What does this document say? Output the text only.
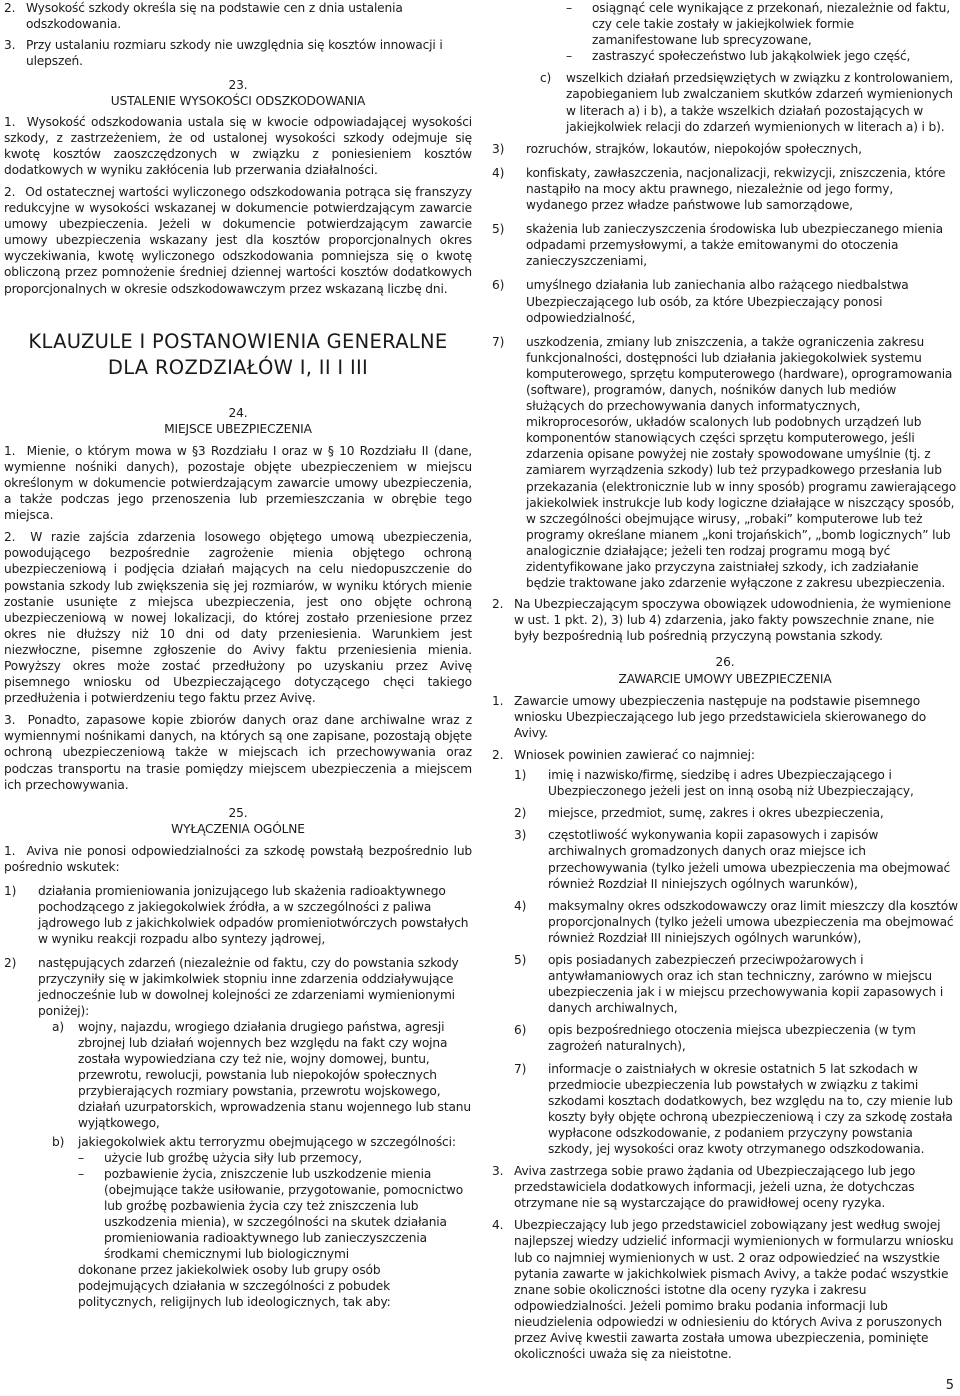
2. Wysokość szkody określa się na podstawie cen z dnia ustalenia odszkodowania.
3. Przy ustalaniu rozmiaru szkody nie uwzględnia się kosztów innowacji i ulepszeń.
23.
USTALENIE WYSOKOŚCI ODSZKODOWANIA
1. Wysokość odszkodowania ustala się w kwocie odpowiadającej wysokości szkody, z zastrzeżeniem, że od ustalonej wysokości szkody odejmuje się kwotę kosztów zaoszczędzonych w związku z poniesieniem kosztów dodatkowych w wyniku zakłócenia lub przerwania działalności.
2. Od ostatecznej wartości wyliczonego odszkodowania potrąca się franszyzy redukcyjne w wysokości wskazanej w dokumencie potwierdzającym zawarcie umowy ubezpieczenia. Jeżeli w dokumencie potwierdzającym zawarcie umowy ubezpieczenia wskazany jest dla kosztów proporcjonalnych okres wyczekiwania, kwotę wyliczonego odszkodowania pomniejsza się o kwotę obliczoną przez pomnożenie średniej dziennej wartości kosztów dodatkowych proporcjonalnych w okresie odszkodowawczym przez wskazaną liczbę dni.
KLAUZULE I POSTANOWIENIA GENERALNE
DLA ROZDZIAŁÓW I, II I III
24.
MIEJSCE UBEZPIECZENIA
1. Mienie, o którym mowa w §3 Rozdziału I oraz w § 10 Rozdziału II (dane, wymienne nośniki danych), pozostaje objęte ubezpieczeniem w miejscu określonym w dokumencie potwierdzającym zawarcie umowy ubezpieczenia, a także podczas jego przenoszenia lub przemieszczania w obrębie tego miejsca.
2. W razie zajścia zdarzenia losowego objętego umową ubezpieczenia, powodującego bezpośrednie zagrożenie mienia objętego ochroną ubezpieczeniową i podjęcia działań mających na celu niedopuszczenie do powstania szkody lub zwiększenia się jej rozmiarów, w wyniku których mienie zostanie usunięte z miejsca ubezpieczenia, jest ono objęte ochroną ubezpieczeniową w nowej lokalizacji, do której zostało przeniesione przez okres nie dłuższy niż 10 dni od daty przeniesienia. Warunkiem jest niezwłoczne, pisemne zgłoszenie do Avivy faktu przeniesienia mienia. Powyższy okres może zostać przedłużony po uzyskaniu przez Avivę pisemnego wniosku od Ubezpieczającego dotyczącego chęci takiego przedłużenia i potwierdzeniu tego faktu przez Avivę.
3. Ponadto, zapasowe kopie zbiorów danych oraz dane archiwalne wraz z wymiennymi nośnikami danych, na których są one zapisane, pozostają objęte ochroną ubezpieczeniową także w miejscach ich przechowywania oraz podczas transportu na trasie pomiędzy miejscem ubezpieczenia a miejscem ich przechowywania.
25.
WYŁĄCZENIA OGÓLNE
1. Aviva nie ponosi odpowiedzialności za szkodę powstałą bezpośrednio lub pośrednio wskutek:
1)	działania promieniowania jonizującego lub skażenia radioaktywnego pochodzącego z jakiegokolwiek źródła, a w szczególności z paliwa jądrowego lub z jakichkolwiek odpadów promieniotwórczych powstałych w wyniku reakcji rozpadu albo syntezy jądrowej,
2)	następujących zdarzeń (niezależnie od faktu, czy do powstania szkody przyczyniły się w jakimkolwiek stopniu inne zdarzenia oddziaływujące jednocześnie lub w dowolnej kolejności ze zdarzeniami wymienionymi poniżej):
a)	wojny, najazdu, wrogiego działania drugiego państwa, agresji zbrojnej lub działań wojennych bez względu na fakt czy wojna została wypowiedziana czy też nie, wojny domowej, buntu, przewrotu, rewolucji, powstania lub niepokojów społecznych przybierających rozmiary powstania, przewrotu wojskowego, działań uzurpatorskich, wprowadzenia stanu wojennego lub stanu wyjątkowego,
b)	jakiegokolwiek aktu terroryzmu obejmującego w szczególności:
–	użycie lub groźbę użycia siły lub przemocy,
–	pozbawienie życia, zniszczenie lub uszkodzenie mienia (obejmujące także usiłowanie, przygotowanie, pomocnictwo lub groźbę pozbawienia życia czy też zniszczenia lub uszkodzenia mienia), w szczególności na skutek działania promieniowania radioaktywnego lub zanieczyszczenia środkami chemicznymi lub biologicznymi
dokonane przez jakiekolwiek osoby lub grupy osób podejmujących działania w szczególności z pobudek politycznych, religijnych lub ideologicznych, tak aby:
–	osiągnąć cele wynikające z przekonań, niezależnie od faktu, czy cele takie zostały w jakiejkolwiek formie zamanifestowane lub sprecyzowane,
–	zastraszyć społeczeństwo lub jakąkolwiek jego część,
c)	wszelkich działań przedsięwziętych w związku z kontrolowaniem, zapobieganiem lub zwalczaniem skutków zdarzeń wymienionych w literach a) i b), a także wszelkich działań pozostających w jakiejkolwiek relacji do zdarzeń wymienionych w literach a) i b).
3)	rozruchów, strajków, lokautów, niepokojów społecznych,
4)	konfiskaty, zawłaszczenia, nacjonalizacji, rekwizycji, zniszczenia, które nastąpiło na mocy aktu prawnego, niezależnie od jego formy, wydanego przez władze państwowe lub samorządowe,
5)	skażenia lub zanieczyszczenia środowiska lub ubezpieczanego mienia odpadami przemysłowymi, a także emitowanymi do otoczenia zanieczyszczeniami,
6)	umyślnego działania lub zaniechania albo rażącego niedbalstwa Ubezpieczającego lub osób, za które Ubezpieczający ponosi odpowiedzialność,
7)	uszkodzenia, zmiany lub zniszczenia, a także ograniczenia zakresu funkcjonalności, dostępności lub działania jakiegokolwiek systemu komputerowego, sprzętu komputerowego (hardware), oprogramowania (software), programów, danych, nośników danych lub mediów służących do przechowywania danych informatycznych, mikroprocesorów, układów scalonych lub podobnych urządzeń lub komponentów stanowiących części sprzętu komputerowego, jeśli zdarzenia opisane powyżej nie zostały spowodowane umyślnie (tj. z zamiarem wyrządzenia szkody) lub też przypadkowego przesłania lub przekazania (elektronicznie lub w inny sposób) programu zawierającego jakiekolwiek instrukcje lub kody logiczne działające w niszczący sposób, w szczególności obejmujące wirusy, „robaki” komputerowe lub też programy określane mianem „koni trojańskich”, „bomb logicznych” lub analogicznie działające; jeżeli ten rodzaj programu mogą być zidentyfikowane jako przyczyna zaistniałej szkody, ich zadziałanie będzie traktowane jako zdarzenie wyłączone z zakresu ubezpieczenia.
2. Na Ubezpieczającym spoczywa obowiązek udowodnienia, że wymienione w ust. 1 pkt. 2), 3) lub 4) zdarzenia, jako fakty powszechnie znane, nie były bezpośrednią lub pośrednią przyczyną powstania szkody.
26.
ZAWARCIE UMOWY UBEZPIECZENIA
1. Zawarcie umowy ubezpieczenia następuje na podstawie pisemnego wniosku Ubezpieczającego lub jego przedstawiciela skierowanego do Avivy.
2. Wniosek powinien zawierać co najmniej:
1)	imię i nazwisko/firmę, siedzibę i adres Ubezpieczającego i Ubezpieczonego jeżeli jest on inną osobą niż Ubezpieczający,
2)	miejsce, przedmiot, sumę, zakres i okres ubezpieczenia,
3)	częstotliwość wykonywania kopii zapasowych i zapisów archiwalnych gromadzonych danych oraz miejsce ich przechowywania (tylko jeżeli umowa ubezpieczenia ma obejmować również Rozdział II niniejszych ogólnych warunków),
4)	maksymalny okres odszkodowawczy oraz limit mieszczy dla kosztów proporcjonalnych (tylko jeżeli umowa ubezpieczenia ma obejmować również Rozdział III niniejszych ogólnych warunków),
5)	opis posiadanych zabezpieczeń przeciwpożarowych i antywłamaniowych oraz ich stan techniczny, zarówno w miejscu ubezpieczenia jak i w miejscu przechowywania kopii zapasowych i danych archiwalnych,
6)	opis bezpośredniego otoczenia miejsca ubezpieczenia (w tym zagrożeń naturalnych),
7)	informacje o zaistniałych w okresie ostatnich 5 lat szkodach w przedmiocie ubezpieczenia lub powstałych w związku z takimi szkodami kosztach dodatkowych, bez względu na to, czy mienie lub koszty były objęte ochroną ubezpieczeniową i czy za szkodę została wypłacone odszkodowanie, z podaniem przyczyny powstania szkody, jej wysokości oraz kwoty otrzymanego odszkodowania.
3. Aviva zastrzega sobie prawo żądania od Ubezpieczającego lub jego przedstawiciela dodatkowych informacji, jeżeli uzna, że dotychczas otrzymane nie są wystarczające do prawidłowej oceny ryzyka.
4. Ubezpieczający lub jego przedstawiciel zobowiązany jest według swojej najlepszej wiedzy udzielić informacji wymienionych w formularzu wniosku lub co najmniej wymienionych w ust. 2 oraz odpowiedzieć na wszystkie pytania zawarte w jakichkolwiek pismach Avivy, a także podać wszystkie znane sobie okoliczności istotne dla oceny ryzyka i zakresu odpowiedzialności. Jeżeli pomimo braku podania informacji lub nieudzielenia odpowiedzi w odniesieniu do których Aviva z poruszonych przez Avivę kwestii zawarta została umowa ubezpieczenia, pominięte okoliczności uważa się za nieistotne.
5
